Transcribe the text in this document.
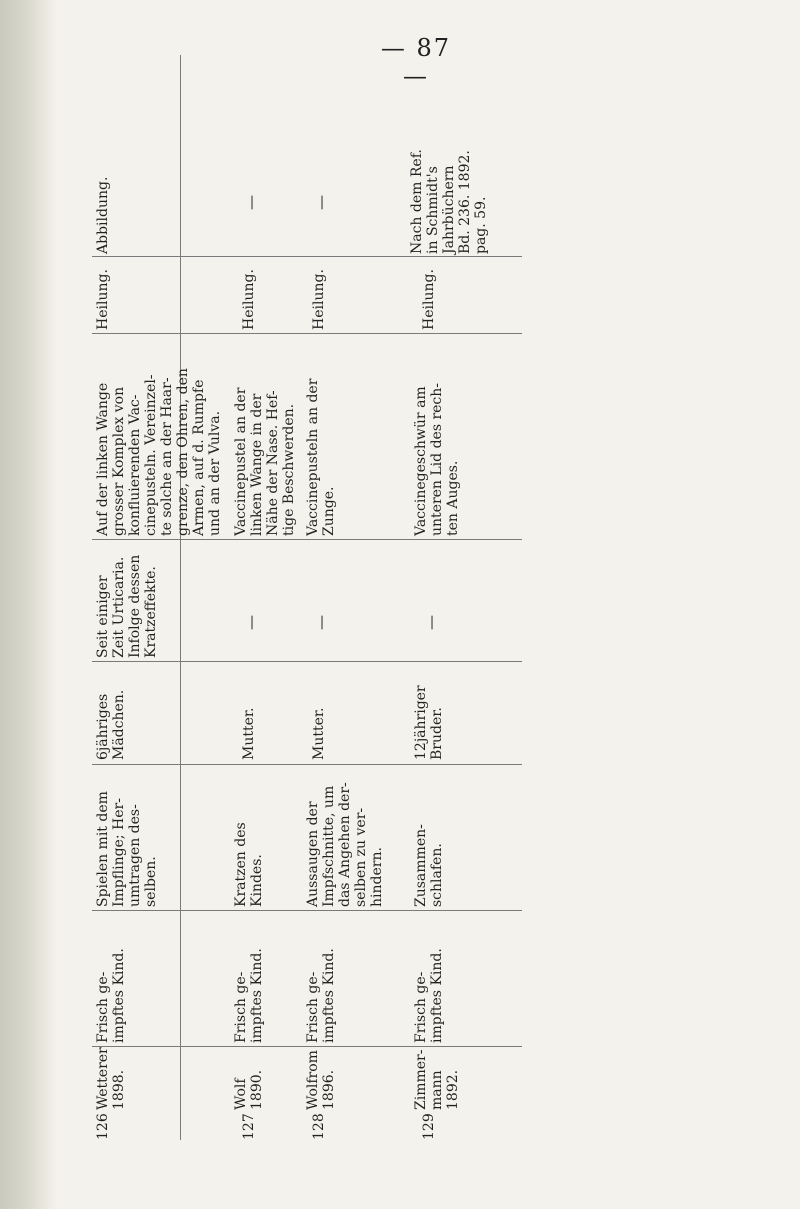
— 87 —
126
Wetterer 1898.
Frisch ge- impftes Kind.
Spielen mit dem Impflinge; Her- umtragen des- selben.
6jähriges Mädchen.
Seit einiger Zeit Urticaria. Infolge dessen Kratzeffekte.
Auf der linken Wange grosser Komplex von konfluierenden Vac- cinepusteln. Vereinzel- te solche an der Haar- grenze, den Ohren, den Armen, auf d. Rumpfe und an der Vulva.
Heilung.
Abbildung.
127
Wolf 1890.
Frisch ge- impftes Kind.
Kratzen des Kindes.
Mutter.
—
Vaccinepustel an der linken Wange in der Nähe der Nase. Hef- tige Beschwerden.
Heilung.
—
128
Wolfrom 1896.
Frisch ge- impftes Kind.
Aussaugen der Impfschnitte, um das Angehen der- selben zu ver- hindern.
Mutter.
—
Vaccinepusteln an der Zunge.
Heilung.
—
129
Zimmer- mann 1892.
Frisch ge- impftes Kind.
Zusammen- schlafen.
12jähriger Bruder.
—
Vaccinegeschwür am unteren Lid des rech- ten Auges.
Heilung.
Nach dem Ref. in Schmidt's Jahrbüchern Bd. 236. 1892. pag. 59.
